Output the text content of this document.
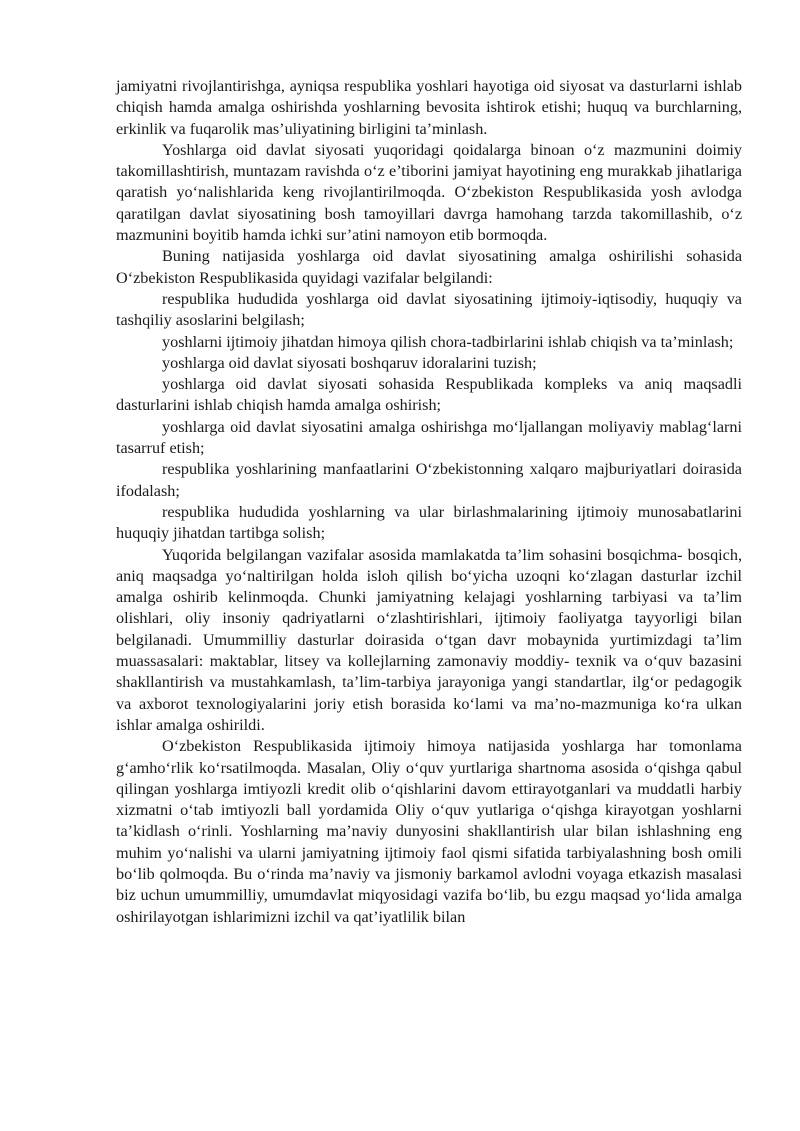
jamiyatni rivojlantirishga, ayniqsa respublika yoshlari hayotiga oid siyosat va dasturlarni ishlab chiqish hamda amalga oshirishda yoshlarning bevosita ishtirok etishi; huquq va burchlarning, erkinlik va fuqarolik mas’uliyatining birligini ta’minlash.

Yoshlarga oid davlat siyosati yuqoridagi qoidalarga binoan oʻz mazmunini doimiy takomillashtirish, muntazam ravishda oʻz e’tiborini jamiyat hayotining eng murakkab jihatlariga qaratish yoʻnalishlarida keng rivojlantirilmoqda. Oʻzbekiston Respublikasida yosh avlodga qaratilgan davlat siyosatining bosh tamoyillari davrga hamohang tarzda takomillashib, oʻz mazmunini boyitib hamda ichki sur’atini namoyon etib bormoqda.

Buning natijasida yoshlarga oid davlat siyosatining amalga oshirilishi sohasida Oʻzbekiston Respublikasida quyidagi vazifalar belgilandi:

respublika hududida yoshlarga oid davlat siyosatining ijtimoiy-iqtisodiy, huquqiy va tashqiliy asoslarini belgilash;

yoshlarni ijtimoiy jihatdan himoya qilish chora-tadbirlarini ishlab chiqish va ta’minlash;

yoshlarga oid davlat siyosati boshqaruv idoralarini tuzish;

yoshlarga oid davlat siyosati sohasida Respublikada kompleks va aniq maqsadli dasturlarini ishlab chiqish hamda amalga oshirish;

yoshlarga oid davlat siyosatini amalga oshirishga moʻljallangan moliyaviy mablagʻlarni tasarruf etish;

respublika yoshlarining manfaatlarini Oʻzbekistonning xalqaro majburiyatlari doirasida ifodalash;

respublika hududida yoshlarning va ular birlashmalarining ijtimoiy munosabatlarini huquqiy jihatdan tartibga solish;

Yuqorida belgilangan vazifalar asosida mamlakatda ta’lim sohasini bosqichma- bosqich, aniq maqsadga yoʻnaltirilgan holda isloh qilish boʻyicha uzoqni koʻzlagan dasturlar izchil amalga oshirib kelinmoqda. Chunki jamiyatning kelajagi yoshlarning tarbiyasi va ta’lim olishlari, oliy insoniy qadriyatlarni oʻzlashtirishlari, ijtimoiy faoliyatga tayyorligi bilan belgilanadi. Umummilliy dasturlar doirasida oʻtgan davr mobaynida yurtimizdagi ta’lim muassasalari: maktablar, litsey va kollejlarning zamonaviy moddiy- texnik va oʻquv bazasini shakllantirish va mustahkamlash, ta’lim-tarbiya jarayoniga yangi standartlar, ilgʻor pedagogik va axborot texnologiyalarini joriy etish borasida koʻlami va ma’no-mazmuniga koʻra ulkan ishlar amalga oshirildi.

Oʻzbekiston Respublikasida ijtimoiy himoya natijasida yoshlarga har tomonlama gʻamhoʻrlik koʻrsatilmoqda. Masalan, Oliy oʻquv yurtlariga shartnoma asosida oʻqishga qabul qilingan yoshlarga imtiyozli kredit olib oʻqishlarini davom ettirayotganlari va muddatli harbiy xizmatni oʻtab imtiyozli ball yordamida Oliy oʻquv yutlariga oʻqishga kirayotgan yoshlarni ta’kidlash oʻrinli. Yoshlarning ma’naviy dunyosini shakllantirish ular bilan ishlashning eng muhim yoʻnalishi va ularni jamiyatning ijtimoiy faol qismi sifatida tarbiyalashning bosh omili boʻlib qolmoqda. Bu oʻrinda ma’naviy va jismoniy barkamol avlodni voyaga etkazish masalasi biz uchun umummilliy, umumdavlat miqyosidagi vazifa boʻlib, bu ezgu maqsad yoʻlida amalga oshirilayotgan ishlarimizni izchil va qat’iyatlilik bilan
